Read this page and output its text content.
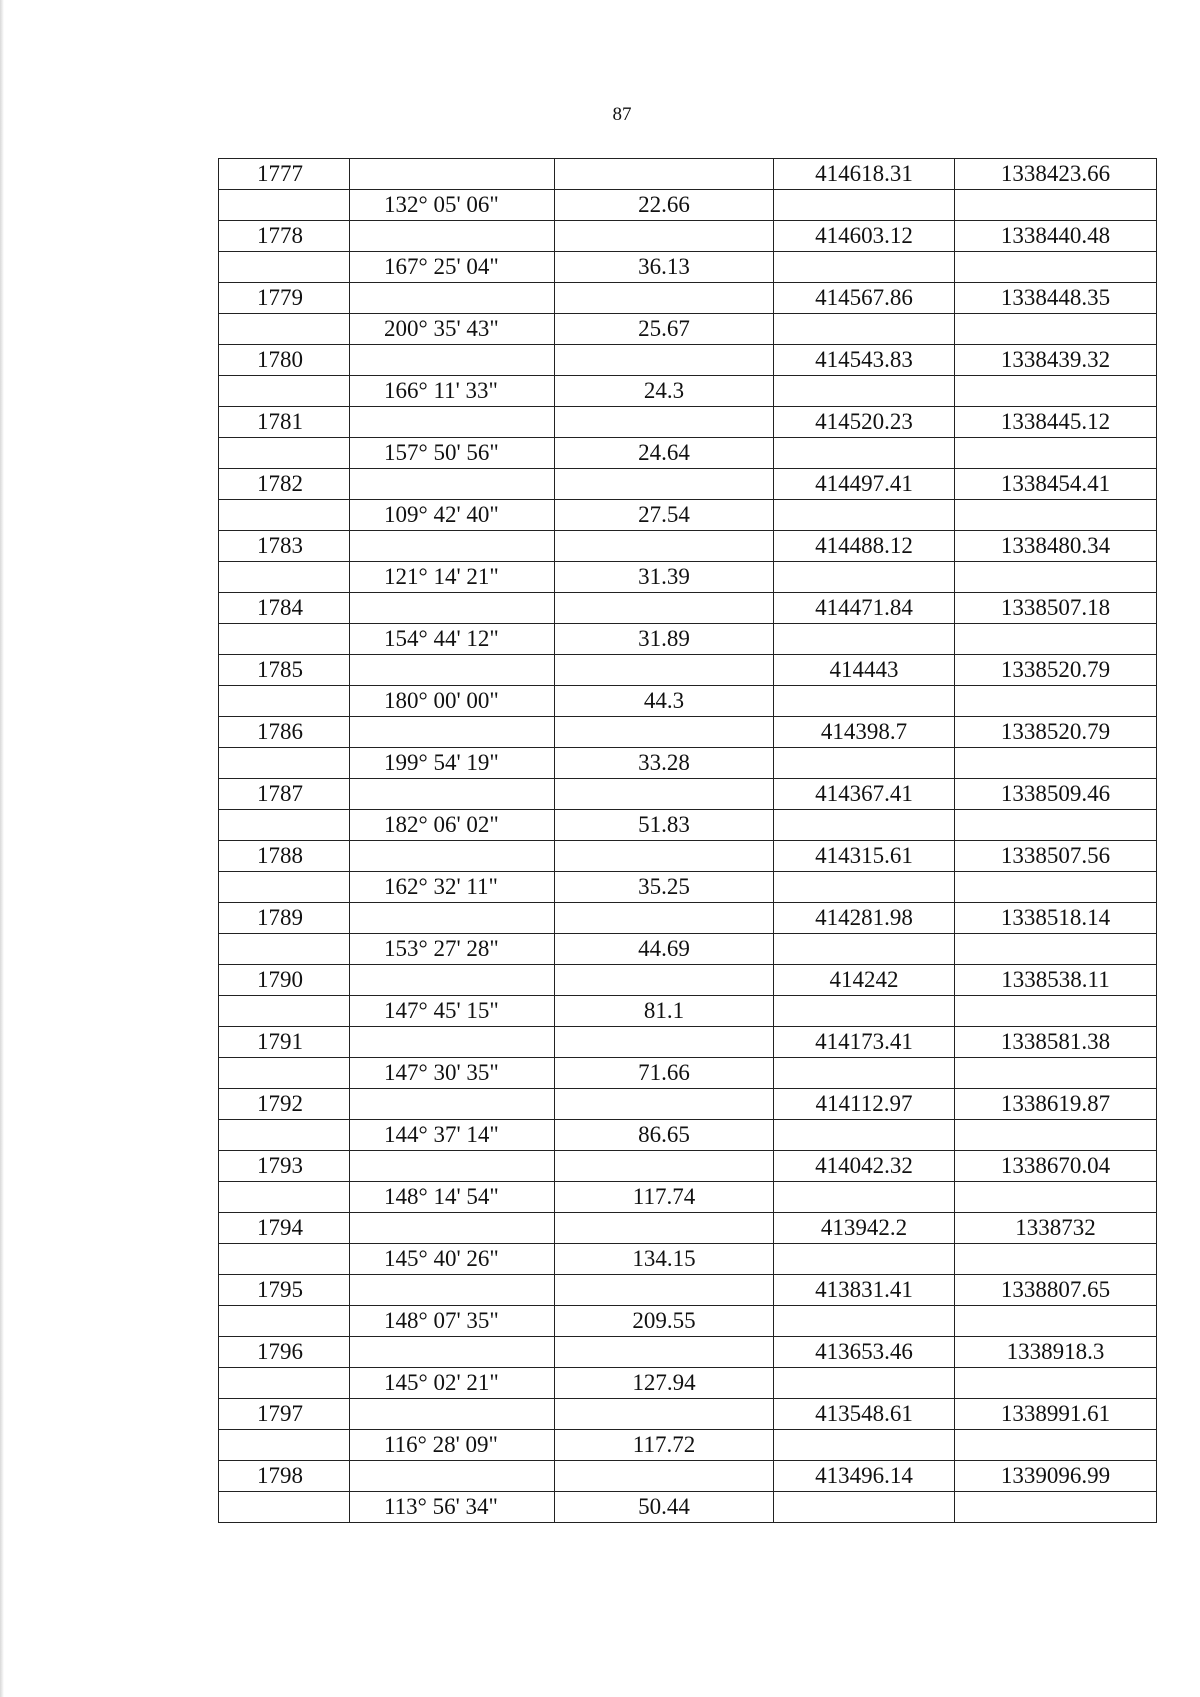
87
1777			414618.31	1338423.66
	132° 05' 06"	22.66		
1778			414603.12	1338440.48
	167° 25' 04"	36.13		
1779			414567.86	1338448.35
	200° 35' 43"	25.67		
1780			414543.83	1338439.32
	166° 11' 33"	24.3		
1781			414520.23	1338445.12
	157° 50' 56"	24.64		
1782			414497.41	1338454.41
	109° 42' 40"	27.54		
1783			414488.12	1338480.34
	121° 14' 21"	31.39		
1784			414471.84	1338507.18
	154° 44' 12"	31.89		
1785			414443	1338520.79
	180° 00' 00"	44.3		
1786			414398.7	1338520.79
	199° 54' 19"	33.28		
1787			414367.41	1338509.46
	182° 06' 02"	51.83		
1788			414315.61	1338507.56
	162° 32' 11"	35.25		
1789			414281.98	1338518.14
	153° 27' 28"	44.69		
1790			414242	1338538.11
	147° 45' 15"	81.1		
1791			414173.41	1338581.38
	147° 30' 35"	71.66		
1792			414112.97	1338619.87
	144° 37' 14"	86.65		
1793			414042.32	1338670.04
	148° 14' 54"	117.74		
1794			413942.2	1338732
	145° 40' 26"	134.15		
1795			413831.41	1338807.65
	148° 07' 35"	209.55		
1796			413653.46	1338918.3
	145° 02' 21"	127.94		
1797			413548.61	1338991.61
	116° 28' 09"	117.72		
1798			413496.14	1339096.99
	113° 56' 34"	50.44		
